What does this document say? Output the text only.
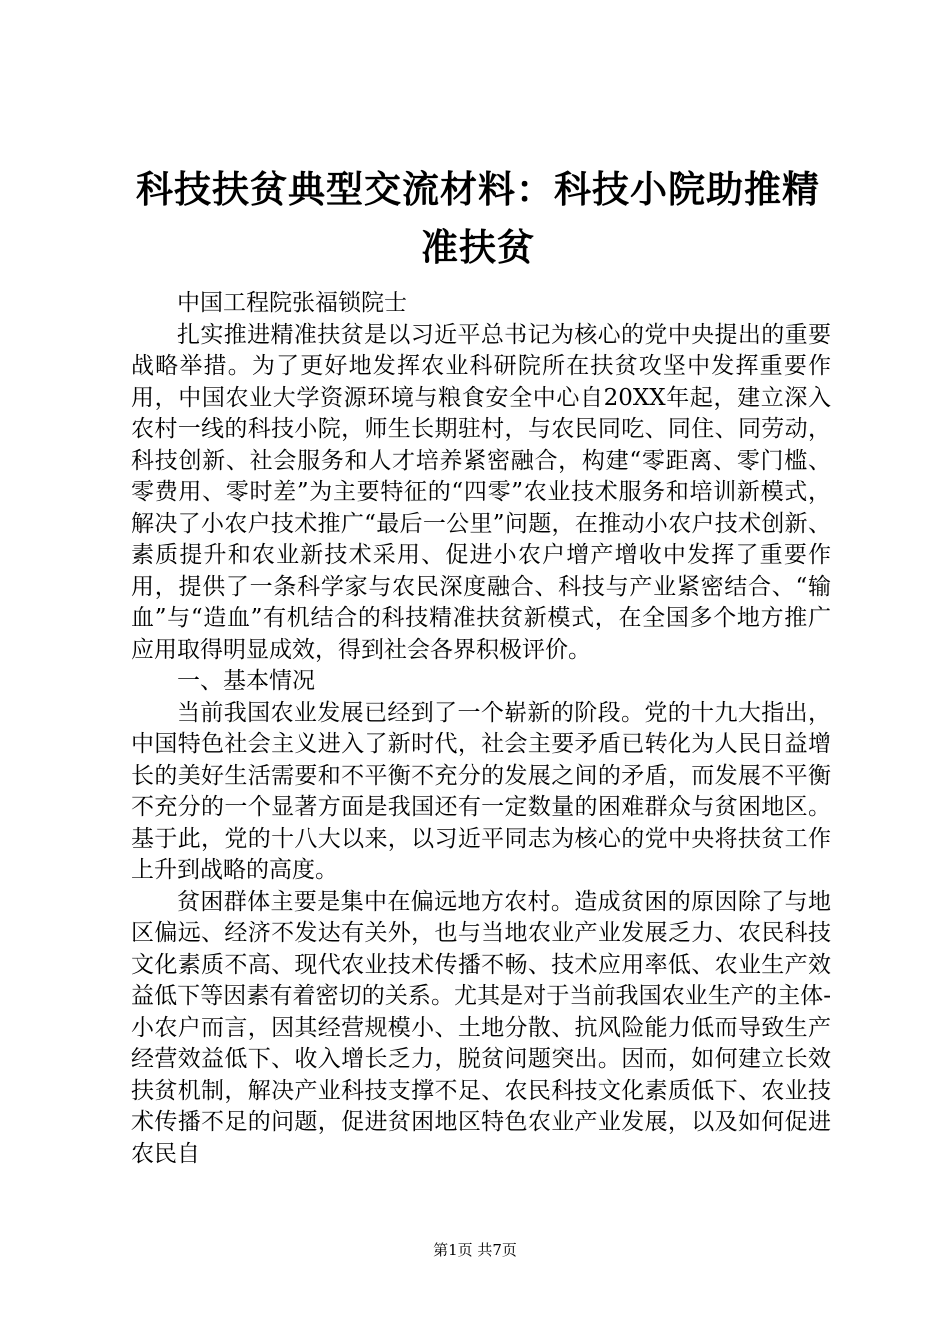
科技扶贫典型交流材料：科技小院助推精准扶贫

中国工程院张福锁院士

扎实推进精准扶贫是以习近平总书记为核心的党中央提出的重要战略举措。为了更好地发挥农业科研院所在扶贫攻坚中发挥重要作用，中国农业大学资源环境与粮食安全中心自20XX年起，建立深入农村一线的科技小院，师生长期驻村，与农民同吃、同住、同劳动，科技创新、社会服务和人才培养紧密融合，构建“零距离、零门槛、零费用、零时差”为主要特征的“四零”农业技术服务和培训新模式，解决了小农户技术推广“最后一公里”问题，在推动小农户技术创新、素质提升和农业新技术采用、促进小农户增产增收中发挥了重要作用，提供了一条科学家与农民深度融合、科技与产业紧密结合、“输血”与“造血”有机结合的科技精准扶贫新模式，在全国多个地方推广应用取得明显成效，得到社会各界积极评价。

一、基本情况

当前我国农业发展已经到了一个崭新的阶段。党的十九大指出，中国特色社会主义进入了新时代，社会主要矛盾已转化为人民日益增长的美好生活需要和不平衡不充分的发展之间的矛盾，而发展不平衡不充分的一个显著方面是我国还有一定数量的困难群众与贫困地区。基于此，党的十八大以来，以习近平同志为核心的党中央将扶贫工作上升到战略的高度。

贫困群体主要是集中在偏远地方农村。造成贫困的原因除了与地区偏远、经济不发达有关外，也与当地农业产业发展乏力、农民科技文化素质不高、现代农业技术传播不畅、技术应用率低、农业生产效益低下等因素有着密切的关系。尤其是对于当前我国农业生产的主体-小农户而言，因其经营规模小、土地分散、抗风险能力低而导致生产经营效益低下、收入增长乏力，脱贫问题突出。因而，如何建立长效扶贫机制，解决产业科技支撑不足、农民科技文化素质低下、农业技术传播不足的问题，促进贫困地区特色农业产业发展，以及如何促进农民自

第1页 共7页
